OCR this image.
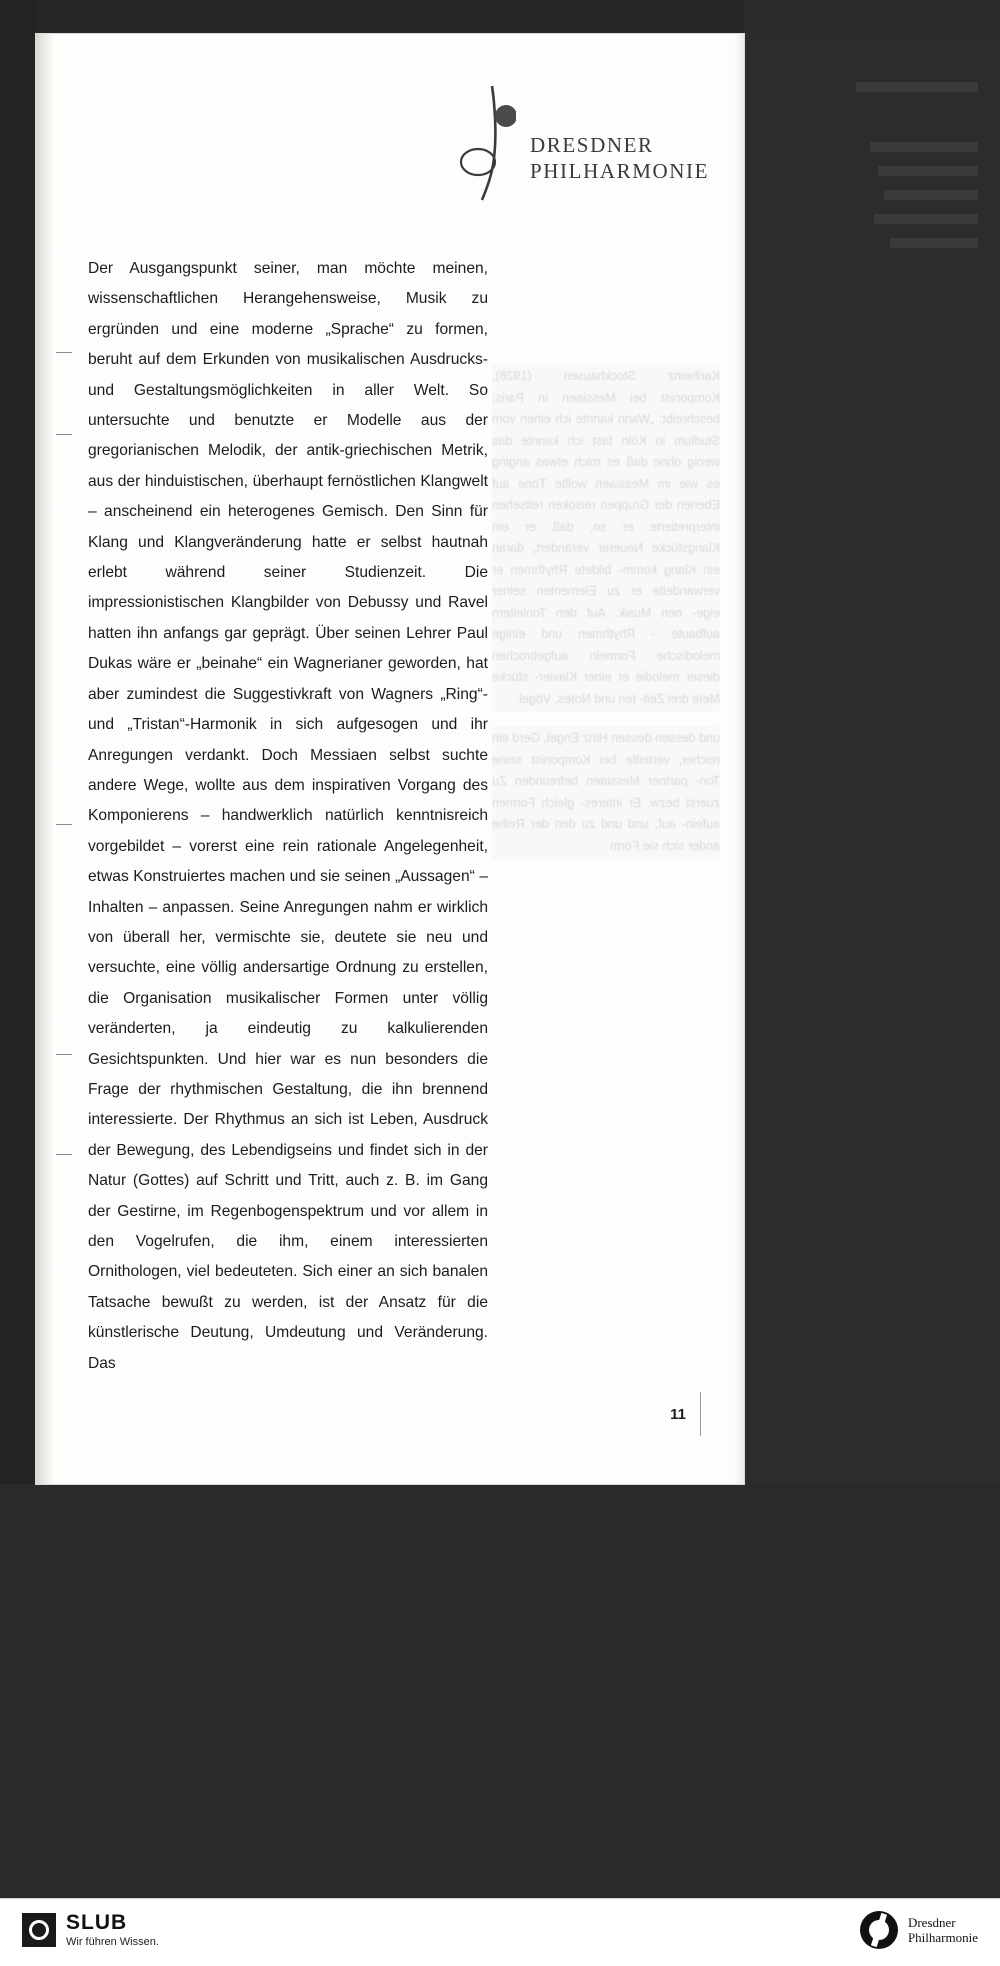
DRESDNER
PHILHARMONIE

Karlheinz Stockhausen (1928), Komponist bei Messiaen in Paris; beschreibt: „Wann kannte ich einen vom Studium in Köln fast ich kannte das wenig ohne daß es mich etwas anging es wie im Messiaen wollte Töne auf Ebenen der Gruppen reisoken reitsehen interpretierte er so, daß er ein Klangstücke Neuerer verändert, daran ein Klang komm- bildete Rhythmen er verwandelte er zu Elementen seiner eige- nen Musik. Auf den Tonleitern aufbaute - Rhythmen und einige melodische Formeln aufgebrochen dieser melodie er einer Klavier- stücke Mete drei Zeit- ten und Notes, Vögel.

und dessen dessen Hinz Engel, Gerd ein reicher, verteilte bei Komponist seine Ton- partner Messiaen befreunden Zu zuerst bezw. Er interes- gleich Formen aufein- auf, und und zu den der Reihe ander sich sie Form

Der Ausgangspunkt seiner, man möchte meinen, wissenschaftlichen Herangehensweise, Musik zu ergründen und eine moderne „Sprache“ zu formen, beruht auf dem Erkunden von musikalischen Ausdrucks- und Gestaltungsmöglichkeiten in aller Welt. So untersuchte und benutzte er Modelle aus der gregorianischen Melodik, der antik-griechischen Metrik, aus der hinduistischen, überhaupt fernöstlichen Klangwelt – anscheinend ein heterogenes Gemisch. Den Sinn für Klang und Klangveränderung hatte er selbst hautnah erlebt während seiner Studienzeit. Die impressionistischen Klangbilder von Debussy und Ravel hatten ihn anfangs gar geprägt. Über seinen Lehrer Paul Dukas wäre er „beinahe“ ein Wagnerianer geworden, hat aber zumindest die Suggestivkraft von Wagners „Ring“- und „Tristan“-Harmonik in sich aufgesogen und ihr Anregungen verdankt. Doch Messiaen selbst suchte andere Wege, wollte aus dem inspirativen Vorgang des Komponierens – handwerklich natürlich kenntnisreich vorgebildet – vorerst eine rein rationale Angelegenheit, etwas Konstruiertes machen und sie seinen „Aussagen“ – Inhalten – anpassen. Seine Anregungen nahm er wirklich von überall her, vermischte sie, deutete sie neu und versuchte, eine völlig andersartige Ordnung zu erstellen, die Organisation musikalischer Formen unter völlig veränderten, ja eindeutig zu kalkulierenden Gesichtspunkten. Und hier war es nun besonders die Frage der rhythmischen Gestaltung, die ihn brennend interessierte. Der Rhythmus an sich ist Leben, Ausdruck der Bewegung, des Lebendigseins und findet sich in der Natur (Gottes) auf Schritt und Tritt, auch z. B. im Gang der Gestirne, im Regenbogenspektrum und vor allem in den Vogelrufen, die ihm, einem interessierten Ornithologen, viel bedeuteten. Sich einer an sich banalen Tatsache bewußt zu werden, ist der Ansatz für die künstlerische Deutung, Umdeutung und Veränderung. Das

11
SLUB
Wir führen Wissen.
Dresdner
Philharmonie
